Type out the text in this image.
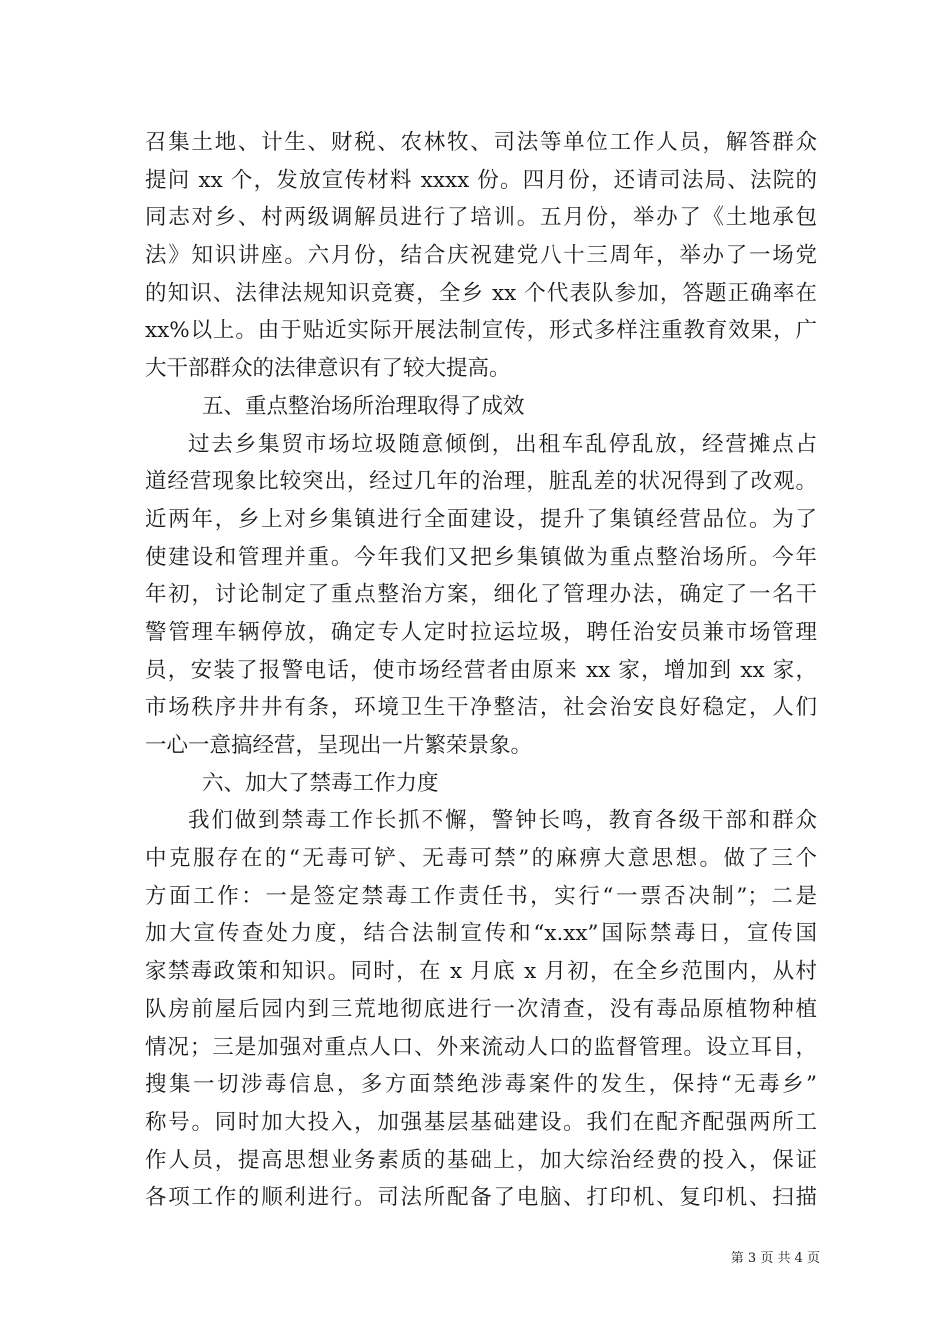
召集土地、计生、财税、农林牧、司法等单位工作人员，解答群众
提问 xx 个，发放宣传材料 xxxx 份。四月份，还请司法局、法院的
同志对乡、村两级调解员进行了培训。五月份，举办了《土地承包
法》知识讲座。六月份，结合庆祝建党八十三周年，举办了一场党
的知识、法律法规知识竞赛，全乡 xx 个代表队参加，答题正确率在
xx%以上。由于贴近实际开展法制宣传，形式多样注重教育效果，广
大干部群众的法律意识有了较大提高。
五、重点整治场所治理取得了成效
过去乡集贸市场垃圾随意倾倒，出租车乱停乱放，经营摊点占
道经营现象比较突出，经过几年的治理，脏乱差的状况得到了改观。
近两年，乡上对乡集镇进行全面建设，提升了集镇经营品位。为了
使建设和管理并重。今年我们又把乡集镇做为重点整治场所。今年
年初，讨论制定了重点整治方案，细化了管理办法，确定了一名干
警管理车辆停放，确定专人定时拉运垃圾，聘任治安员兼市场管理
员，安装了报警电话，使市场经营者由原来 xx 家，增加到 xx 家，
市场秩序井井有条，环境卫生干净整洁，社会治安良好稳定，人们
一心一意搞经营，呈现出一片繁荣景象。
六、加大了禁毒工作力度
我们做到禁毒工作长抓不懈，警钟长鸣，教育各级干部和群众
中克服存在的“无毒可铲、无毒可禁”的麻痹大意思想。做了三个
方面工作：一是签定禁毒工作责任书，实行“一票否决制”；二是
加大宣传查处力度，结合法制宣传和“x.xx”国际禁毒日，宣传国
家禁毒政策和知识。同时，在 x 月底 x 月初，在全乡范围内，从村
队房前屋后园内到三荒地彻底进行一次清查，没有毒品原植物种植
情况；三是加强对重点人口、外来流动人口的监督管理。设立耳目，
搜集一切涉毒信息，多方面禁绝涉毒案件的发生，保持“无毒乡”
称号。同时加大投入，加强基层基础建设。我们在配齐配强两所工
作人员，提高思想业务素质的基础上，加大综治经费的投入，保证
各项工作的顺利进行。司法所配备了电脑、打印机、复印机、扫描
第 3 页 共 4 页
